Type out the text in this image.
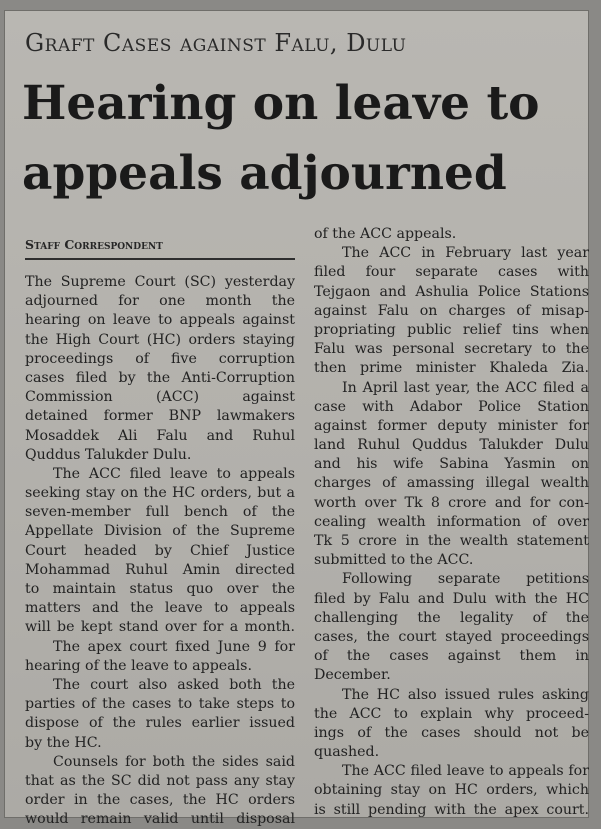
Graft Cases against Falu, Dulu
Hearing on leave to
appeals adjourned
Staff Correspondent
The Supreme Court (SC) yesterday
adjourned for one month the
hearing on leave to appeals against
the High Court (HC) orders staying
proceedings of five corruption
cases filed by the Anti-Corruption
Commission (ACC) against
detained former BNP lawmakers
Mosaddek Ali Falu and Ruhul
Quddus Talukder Dulu.
The ACC filed leave to appeals
seeking stay on the HC orders, but a
seven-member full bench of the
Appellate Division of the Supreme
Court headed by Chief Justice
Mohammad Ruhul Amin directed
to maintain status quo over the
matters and the leave to appeals
will be kept stand over for a month.
The apex court fixed June 9 for
hearing of the leave to appeals.
The court also asked both the
parties of the cases to take steps to
dispose of the rules earlier issued
by the HC.
Counsels for both the sides said
that as the SC did not pass any stay
order in the cases, the HC orders
would remain valid until disposal
of the ACC appeals.
The ACC in February last year
filed four separate cases with
Tejgaon and Ashulia Police Stations
against Falu on charges of misap-
propriating public relief tins when
Falu was personal secretary to the
then prime minister Khaleda Zia.
In April last year, the ACC filed a
case with Adabor Police Station
against former deputy minister for
land Ruhul Quddus Talukder Dulu
and his wife Sabina Yasmin on
charges of amassing illegal wealth
worth over Tk 8 crore and for con-
cealing wealth information of over
Tk 5 crore in the wealth statement
submitted to the ACC.
Following separate petitions
filed by Falu and Dulu with the HC
challenging the legality of the
cases, the court stayed proceedings
of the cases against them in
December.
The HC also issued rules asking
the ACC to explain why proceed-
ings of the cases should not be
quashed.
The ACC filed leave to appeals for
obtaining stay on HC orders, which
is still pending with the apex court.
